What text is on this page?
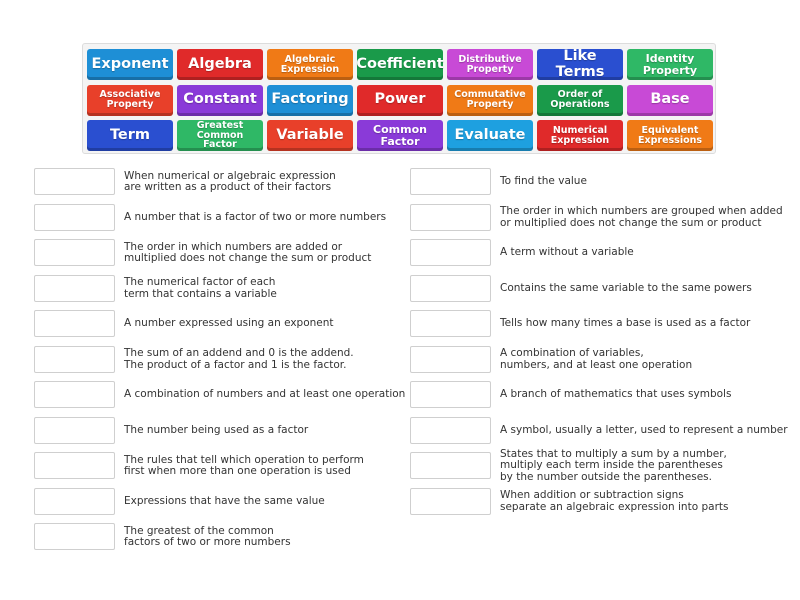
Exponent	Algebra	Algebraic Expression	Coefficient	Distributive Property
Like Terms
Identity Property
Associative Property	Constant	Factoring	Power	Commutative Property
Order of Operations	Base
Term
Greatest Common Factor
Variable	Common Factor	Evaluate	Numerical Expression
Equivalent Expressions
When numerical or algebraic expression
are written as a product of their factors
A number that is a factor of two or more numbers
The order in which numbers are added or
multiplied does not change the sum or product
The numerical factor of each
term that contains a variable
A number expressed using an exponent
The sum of an addend and 0 is the addend.
The product of a factor and 1 is the factor.
A combination of numbers and at least one operation
The number being used as a factor
The rules that tell which operation to perform
first when more than one operation is used
Expressions that have the same value
The greatest of the common
factors of two or more numbers
To find the value
The order in which numbers are grouped when added
or multiplied does not change the sum or product
A term without a variable
Contains the same variable to the same powers
Tells how many times a base is used as a factor
A combination of variables,
numbers, and at least one operation
A branch of mathematics that uses symbols
A symbol, usually a letter, used to represent a number
States that to multiply a sum by a number,
multiply each term inside the parentheses
by the number outside the parentheses.
When addition or subtraction signs
separate an algebraic expression into parts
